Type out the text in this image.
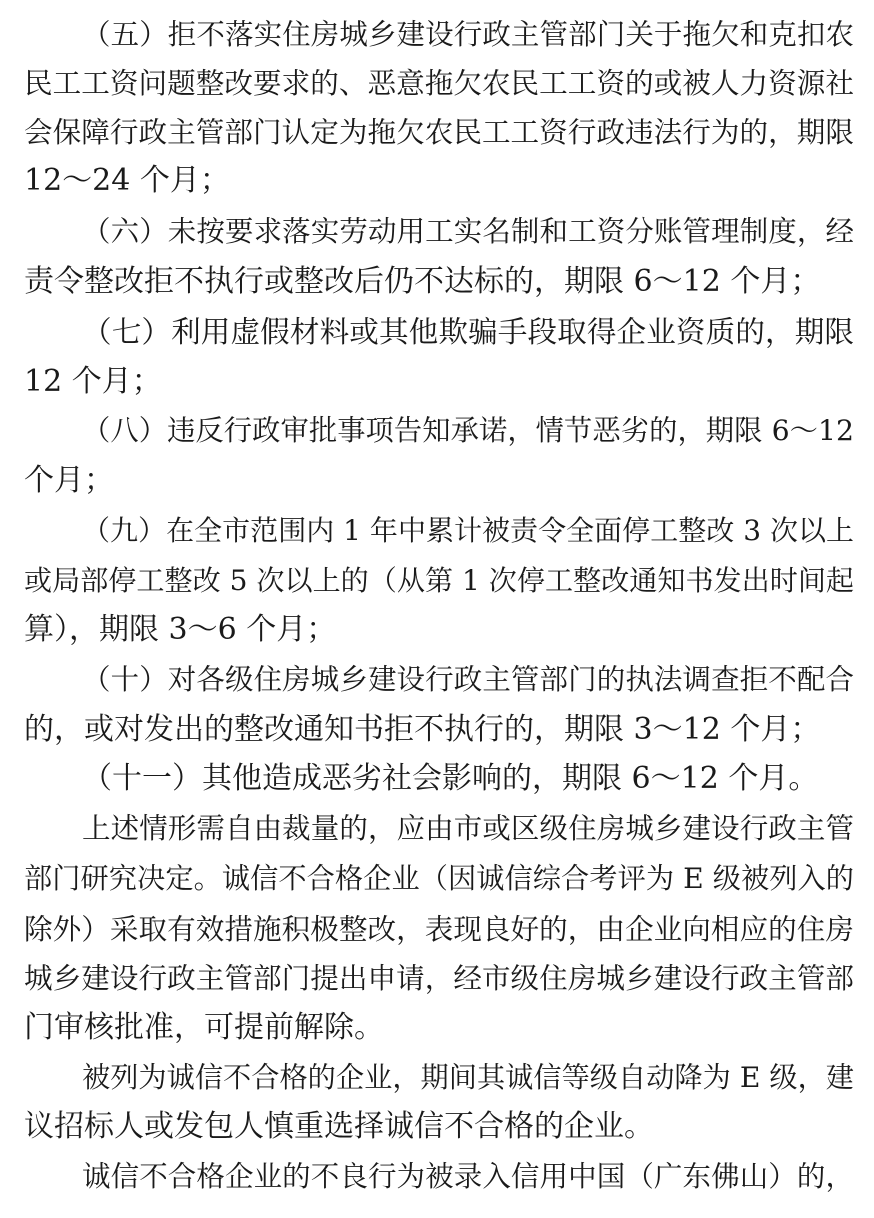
（五）拒不落实住房城乡建设行政主管部门关于拖欠和克扣农
民工工资问题整改要求的、恶意拖欠农民工工资的或被人力资源社
会保障行政主管部门认定为拖欠农民工工资行政违法行为的，期限
12～24 个月；
（六）未按要求落实劳动用工实名制和工资分账管理制度，经
责令整改拒不执行或整改后仍不达标的，期限 6～12 个月；
（七）利用虚假材料或其他欺骗手段取得企业资质的，期限
12 个月；
（八）违反行政审批事项告知承诺，情节恶劣的，期限 6～12
个月；
（九）在全市范围内 1 年中累计被责令全面停工整改 3 次以上
或局部停工整改 5 次以上的（从第 1 次停工整改通知书发出时间起
算），期限 3～6 个月；
（十）对各级住房城乡建设行政主管部门的执法调查拒不配合
的，或对发出的整改通知书拒不执行的，期限 3～12 个月；
（十一）其他造成恶劣社会影响的，期限 6～12 个月。
上述情形需自由裁量的，应由市或区级住房城乡建设行政主管
部门研究决定。诚信不合格企业（因诚信综合考评为 E 级被列入的
除外）采取有效措施积极整改，表现良好的，由企业向相应的住房
城乡建设行政主管部门提出申请，经市级住房城乡建设行政主管部
门审核批准，可提前解除。
被列为诚信不合格的企业，期间其诚信等级自动降为 E 级，建
议招标人或发包人慎重选择诚信不合格的企业。
诚信不合格企业的不良行为被录入信用中国（广东佛山）的，
